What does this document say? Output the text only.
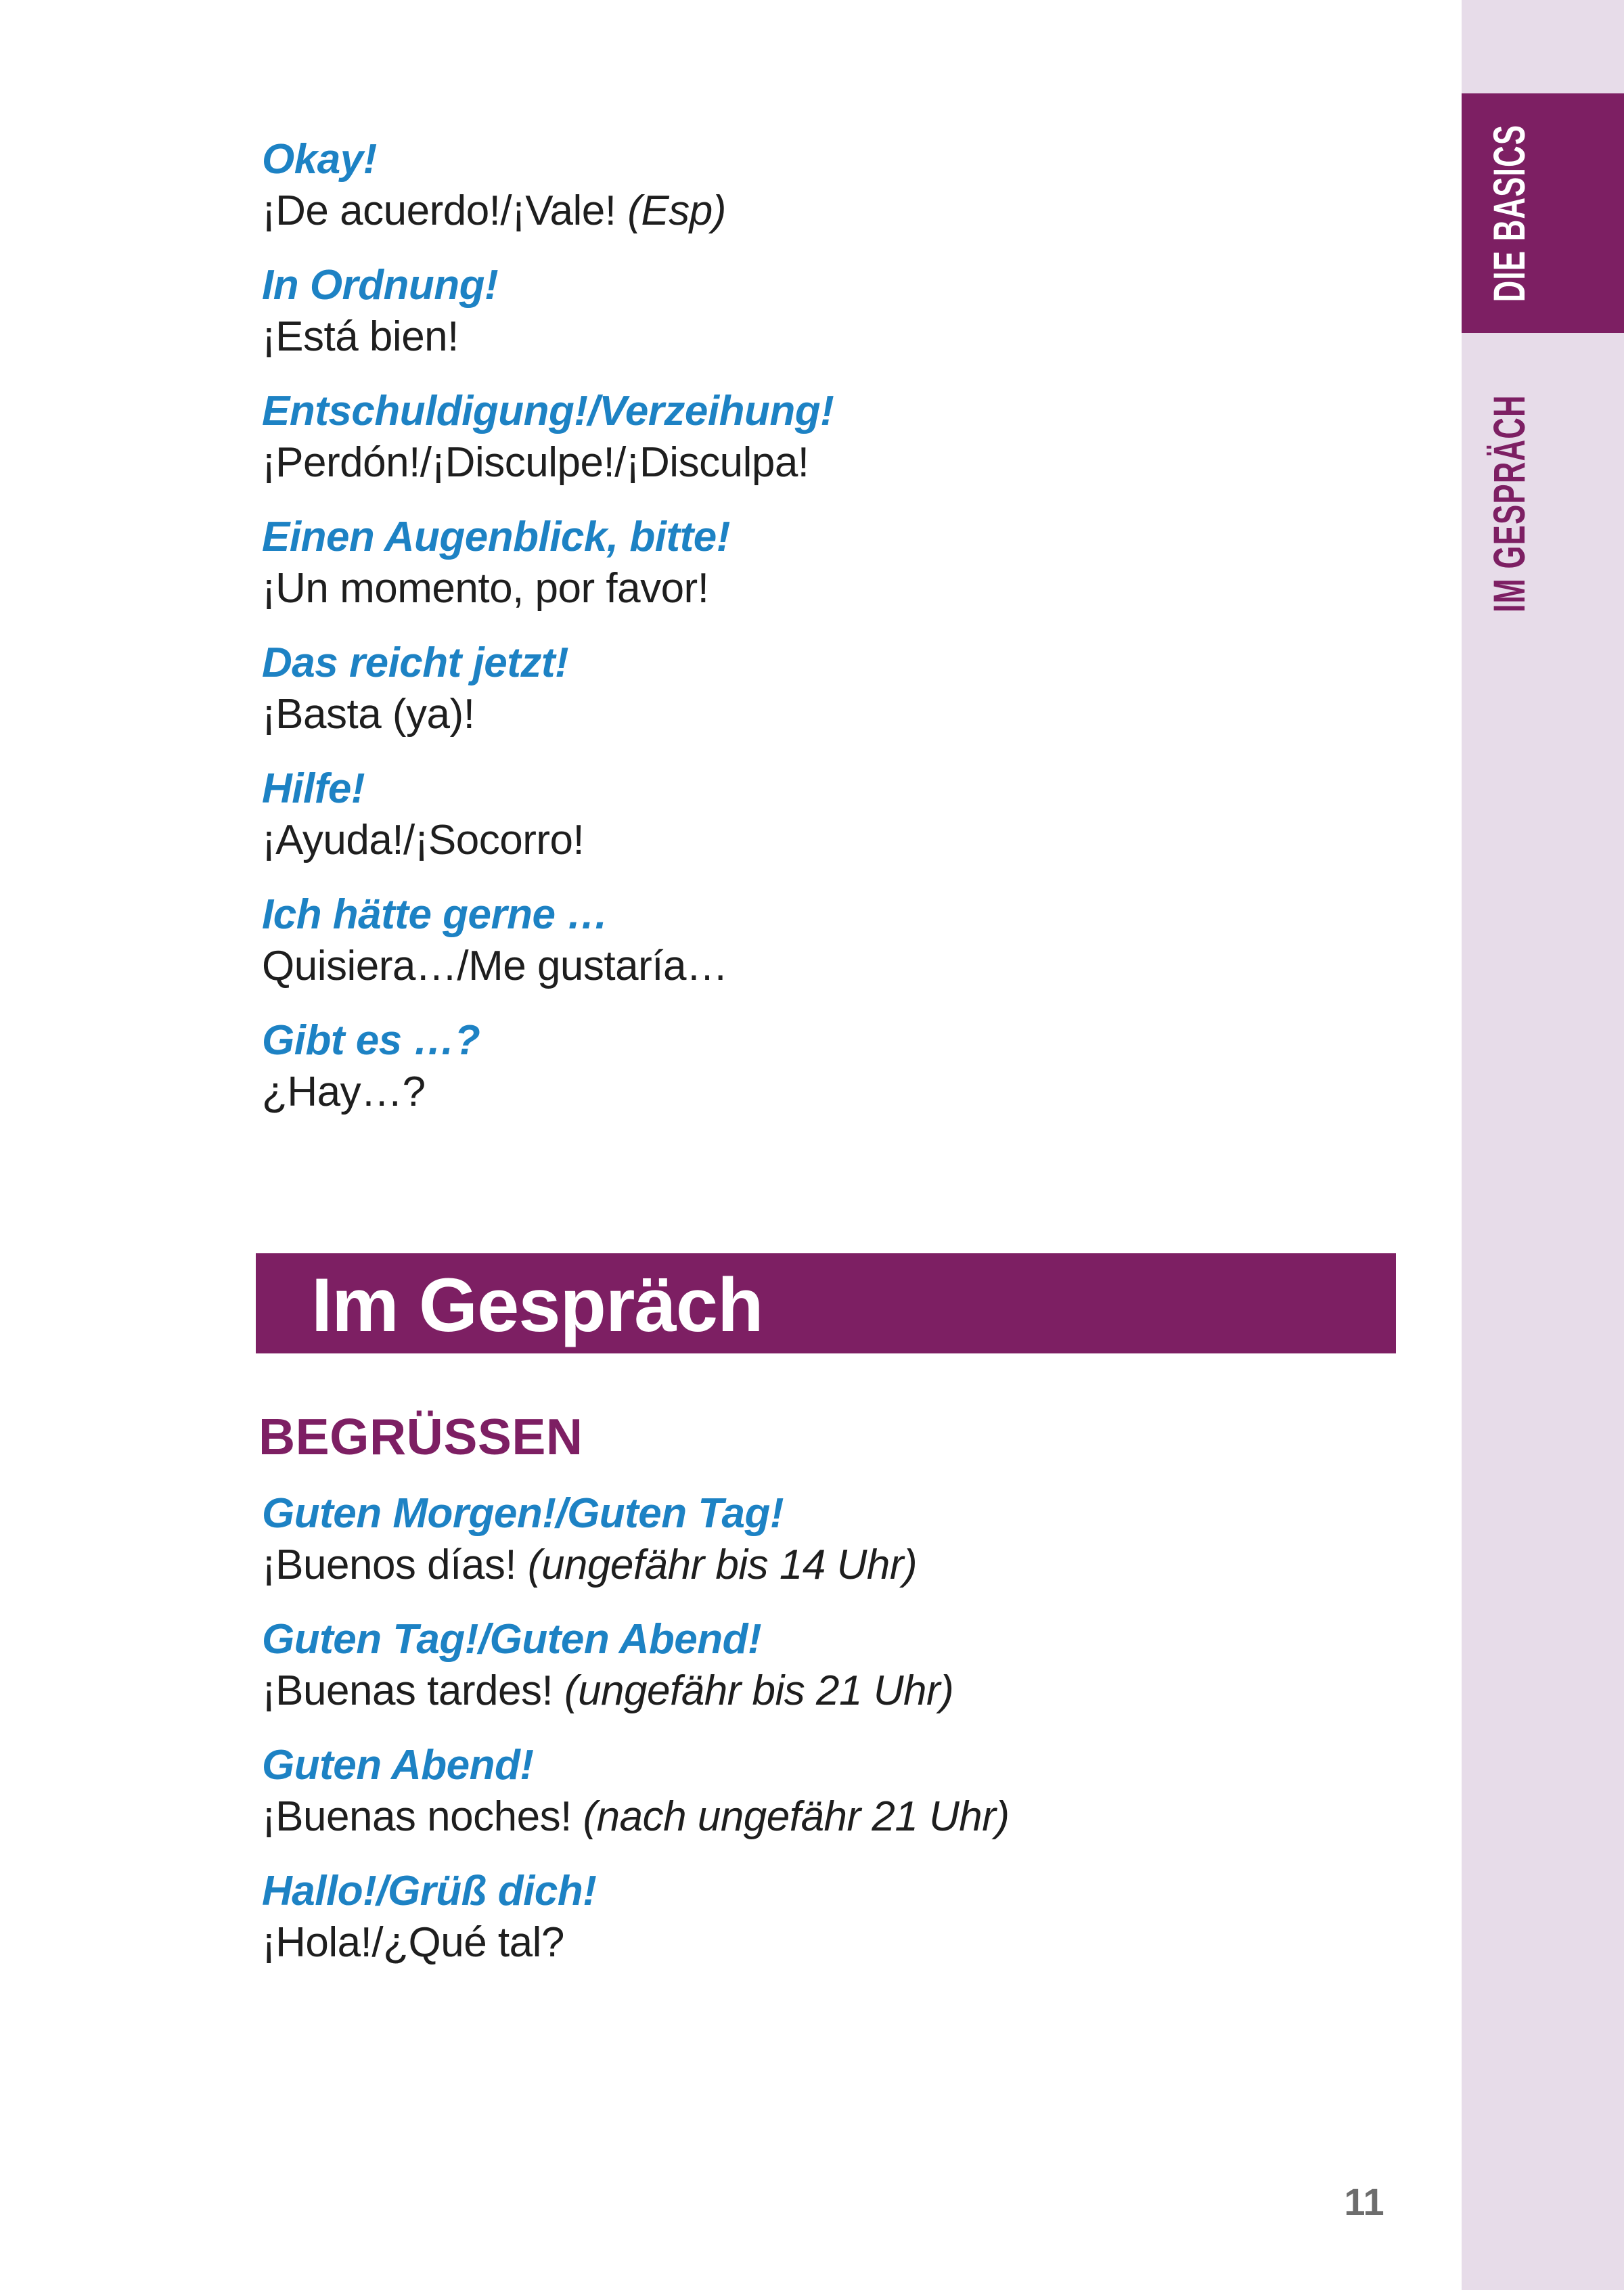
Okay!
¡De acuerdo!/¡Vale! (Esp)
In Ordnung!
¡Está bien!
Entschuldigung!/Verzeihung!
¡Perdón!/¡Disculpe!/¡Disculpa!
Einen Augenblick, bitte!
¡Un momento, por favor!
Das reicht jetzt!
¡Basta (ya)!
Hilfe!
¡Ayuda!/¡Socorro!
Ich hätte gerne …
Quisiera…/Me gustaría…
Gibt es …?
¿Hay…?
Im Gespräch
BEGRÜSSEN
Guten Morgen!/Guten Tag!
¡Buenos días! (ungefähr bis 14 Uhr)
Guten Tag!/Guten Abend!
¡Buenas tardes! (ungefähr bis 21 Uhr)
Guten Abend!
¡Buenas noches! (nach ungefähr 21 Uhr)
Hallo!/Grüß dich!
¡Hola!/¿Qué tal?
DIE BASICS
IM GESPRÄCH
11
